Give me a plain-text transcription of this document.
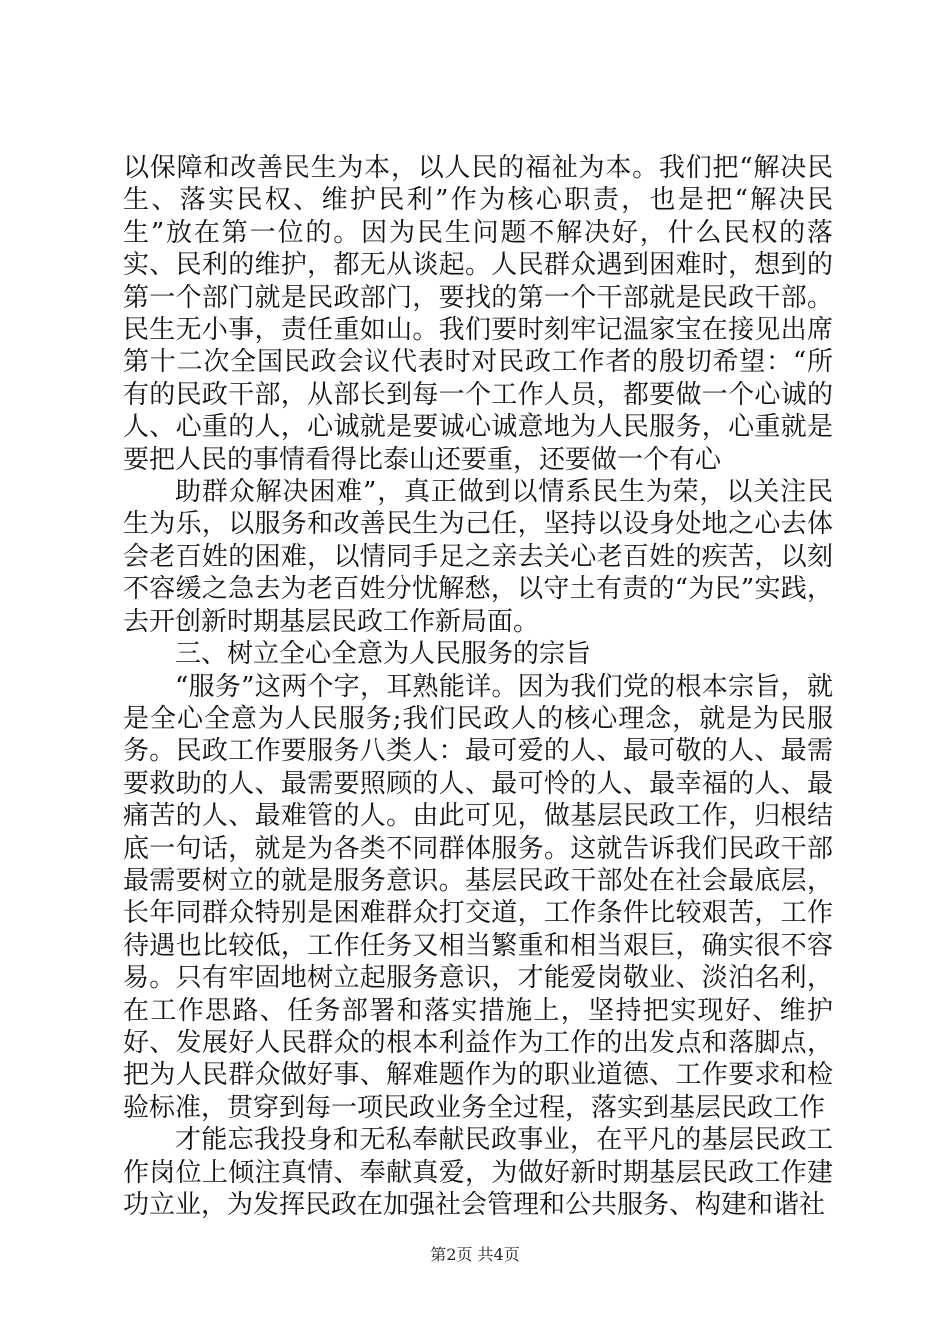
以保障和改善民生为本，以人民的福祉为本。我们把“解决民生、落实民权、维护民利”作为核心职责，也是把“解决民生”放在第一位的。因为民生问题不解决好，什么民权的落实、民利的维护，都无从谈起。人民群众遇到困难时，想到的第一个部门就是民政部门，要找的第一个干部就是民政干部。民生无小事，责任重如山。我们要时刻牢记温家宝在接见出席第十二次全国民政会议代表时对民政工作者的殷切希望：“所有的民政干部，从部长到每一个工作人员，都要做一个心诚的人、心重的人，心诚就是要诚心诚意地为人民服务，心重就是要把人民的事情看得比泰山还要重，还要做一个有心

助群众解决困难”，真正做到以情系民生为荣，以关注民生为乐，以服务和改善民生为己任，坚持以设身处地之心去体会老百姓的困难，以情同手足之亲去关心老百姓的疾苦，以刻不容缓之急去为老百姓分忧解愁，以守土有责的“为民”实践，去开创新时期基层民政工作新局面。

三、树立全心全意为人民服务的宗旨

“服务”这两个字，耳熟能详。因为我们党的根本宗旨，就是全心全意为人民服务;我们民政人的核心理念，就是为民服务。民政工作要服务八类人：最可爱的人、最可敬的人、最需要救助的人、最需要照顾的人、最可怜的人、最幸福的人、最痛苦的人、最难管的人。由此可见，做基层民政工作，归根结底一句话，就是为各类不同群体服务。这就告诉我们民政干部最需要树立的就是服务意识。基层民政干部处在社会最底层，长年同群众特别是困难群众打交道，工作条件比较艰苦，工作待遇也比较低，工作任务又相当繁重和相当艰巨，确实很不容易。只有牢固地树立起服务意识，才能爱岗敬业、淡泊名利，在工作思路、任务部署和落实措施上，坚持把实现好、维护好、发展好人民群众的根本利益作为工作的出发点和落脚点，把为人民群众做好事、解难题作为的职业道德、工作要求和检验标准，贯穿到每一项民政业务全过程，落实到基层民政工作

才能忘我投身和无私奉献民政事业，在平凡的基层民政工作岗位上倾注真情、奉献真爱，为做好新时期基层民政工作建功立业，为发挥民政在加强社会管理和公共服务、构建和谐社

第2页 共4页
